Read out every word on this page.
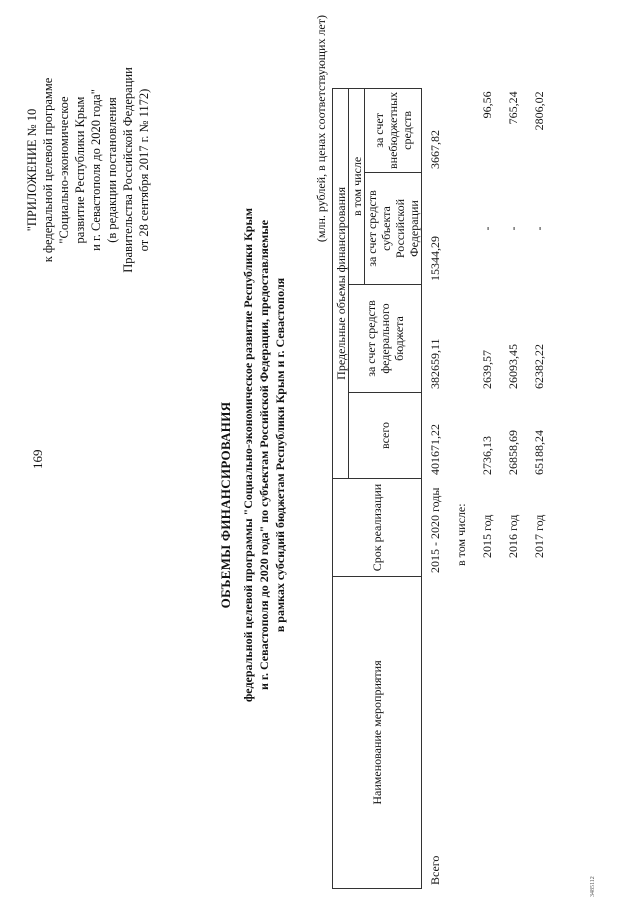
169
"ПРИЛОЖЕНИЕ № 10 к федеральной целевой программе "Социально-экономическое развитие Республики Крым и г. Севастополя до 2020 года" (в редакции постановления Правительства Российской Федерации от 28 сентября 2017 г. № 1172)
ОБЪЕМЫ ФИНАНСИРОВАНИЯ федеральной целевой программы "Социально-экономическое развитие Республики Крым и г. Севастополя до 2020 года" по субъектам Российской Федерации, предоставляемые в рамках субсидий бюджетам Республики Крым и г. Севастополя
(млн. рублей, в ценах соответствующих лет)
Наименование мероприятия	Срок реализации	Предельные объемы финансирования			
		всего	за счет средств федерального бюджета	в том числе	
				за счет средств субъекта Российской Федерации	за счет внебюджетных средств
Всего	2015 - 2020 годы	401671,22	382659,11	15344,29	3667,82
	в том числе:				
	2015 год	2736,13	2639,57	-	96,56
	2016 год	26858,69	26093,45	-	765,24
	2017 год	65188,24	62382,22	-	2806,02
3485112
